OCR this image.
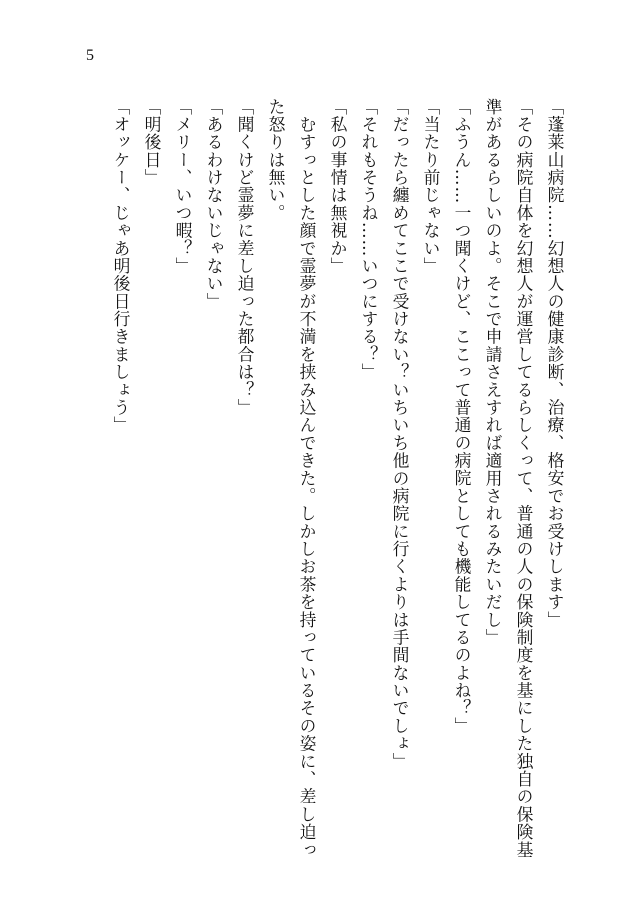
5

「蓬莱山病院……幻想人の健康診断、治療、格安でお受けします」

「その病院自体を幻想人が運営してるらしくって、普通の人の保険制度を基にした独自の保険基準があるらしいのよ。そこで申請さえすれば適用されるみたいだし」

「ふうん……一つ聞くけど、ここって普通の病院としても機能してるのよね？」

「当たり前じゃない」

「だったら纏めてここで受けない？いちいち他の病院に行くよりは手間ないでしょ」

「それもそうね……いつにする？」

「私の事情は無視か」

　むすっとした顔で霊夢が不満を挟み込んできた。しかしお茶を持っているその姿に、差し迫った怒りは無い。

「聞くけど霊夢に差し迫った都合は？」

「あるわけないじゃない」

「メリー、いつ暇？」

「明後日」

「オッケー、じゃあ明後日行きましょう」
